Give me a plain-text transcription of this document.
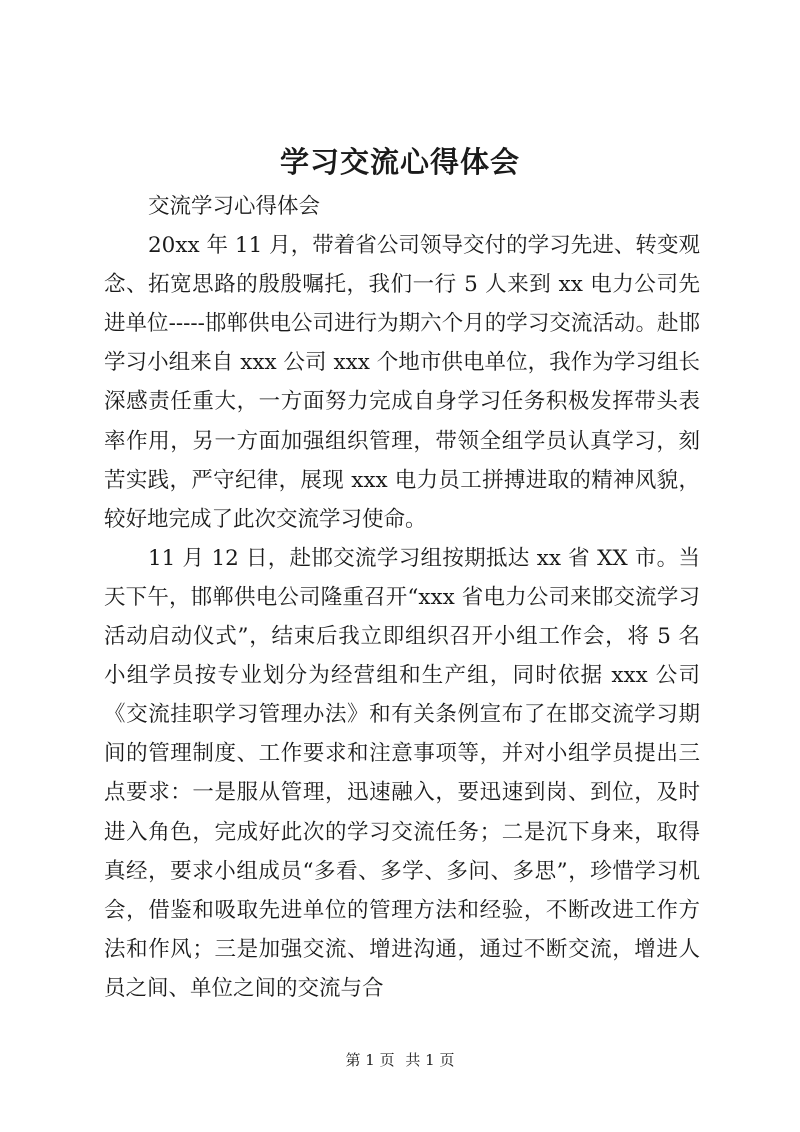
学习交流心得体会

交流学习心得体会

20xx 年 11 月，带着省公司领导交付的学习先进、转变观念、拓宽思路的殷殷嘱托，我们一行 5 人来到 xx 电力公司先进单位-----邯郸供电公司进行为期六个月的学习交流活动。赴邯学习小组来自 xxx 公司 xxx 个地市供电单位，我作为学习组长深感责任重大，一方面努力完成自身学习任务积极发挥带头表率作用，另一方面加强组织管理，带领全组学员认真学习，刻苦实践，严守纪律，展现 xxx 电力员工拼搏进取的精神风貌，较好地完成了此次交流学习使命。

11 月 12 日，赴邯交流学习组按期抵达 xx 省 XX 市。当天下午，邯郸供电公司隆重召开“xxx 省电力公司来邯交流学习活动启动仪式”，结束后我立即组织召开小组工作会，将 5 名小组学员按专业划分为经营组和生产组，同时依据 xxx 公司《交流挂职学习管理办法》和有关条例宣布了在邯交流学习期间的管理制度、工作要求和注意事项等，并对小组学员提出三点要求：一是服从管理，迅速融入，要迅速到岗、到位，及时进入角色，完成好此次的学习交流任务；二是沉下身来，取得真经，要求小组成员“多看、多学、多问、多思”，珍惜学习机会，借鉴和吸取先进单位的管理方法和经验，不断改进工作方法和作风；三是加强交流、增进沟通，通过不断交流，增进人员之间、单位之间的交流与合

第 1 页 共 1 页
